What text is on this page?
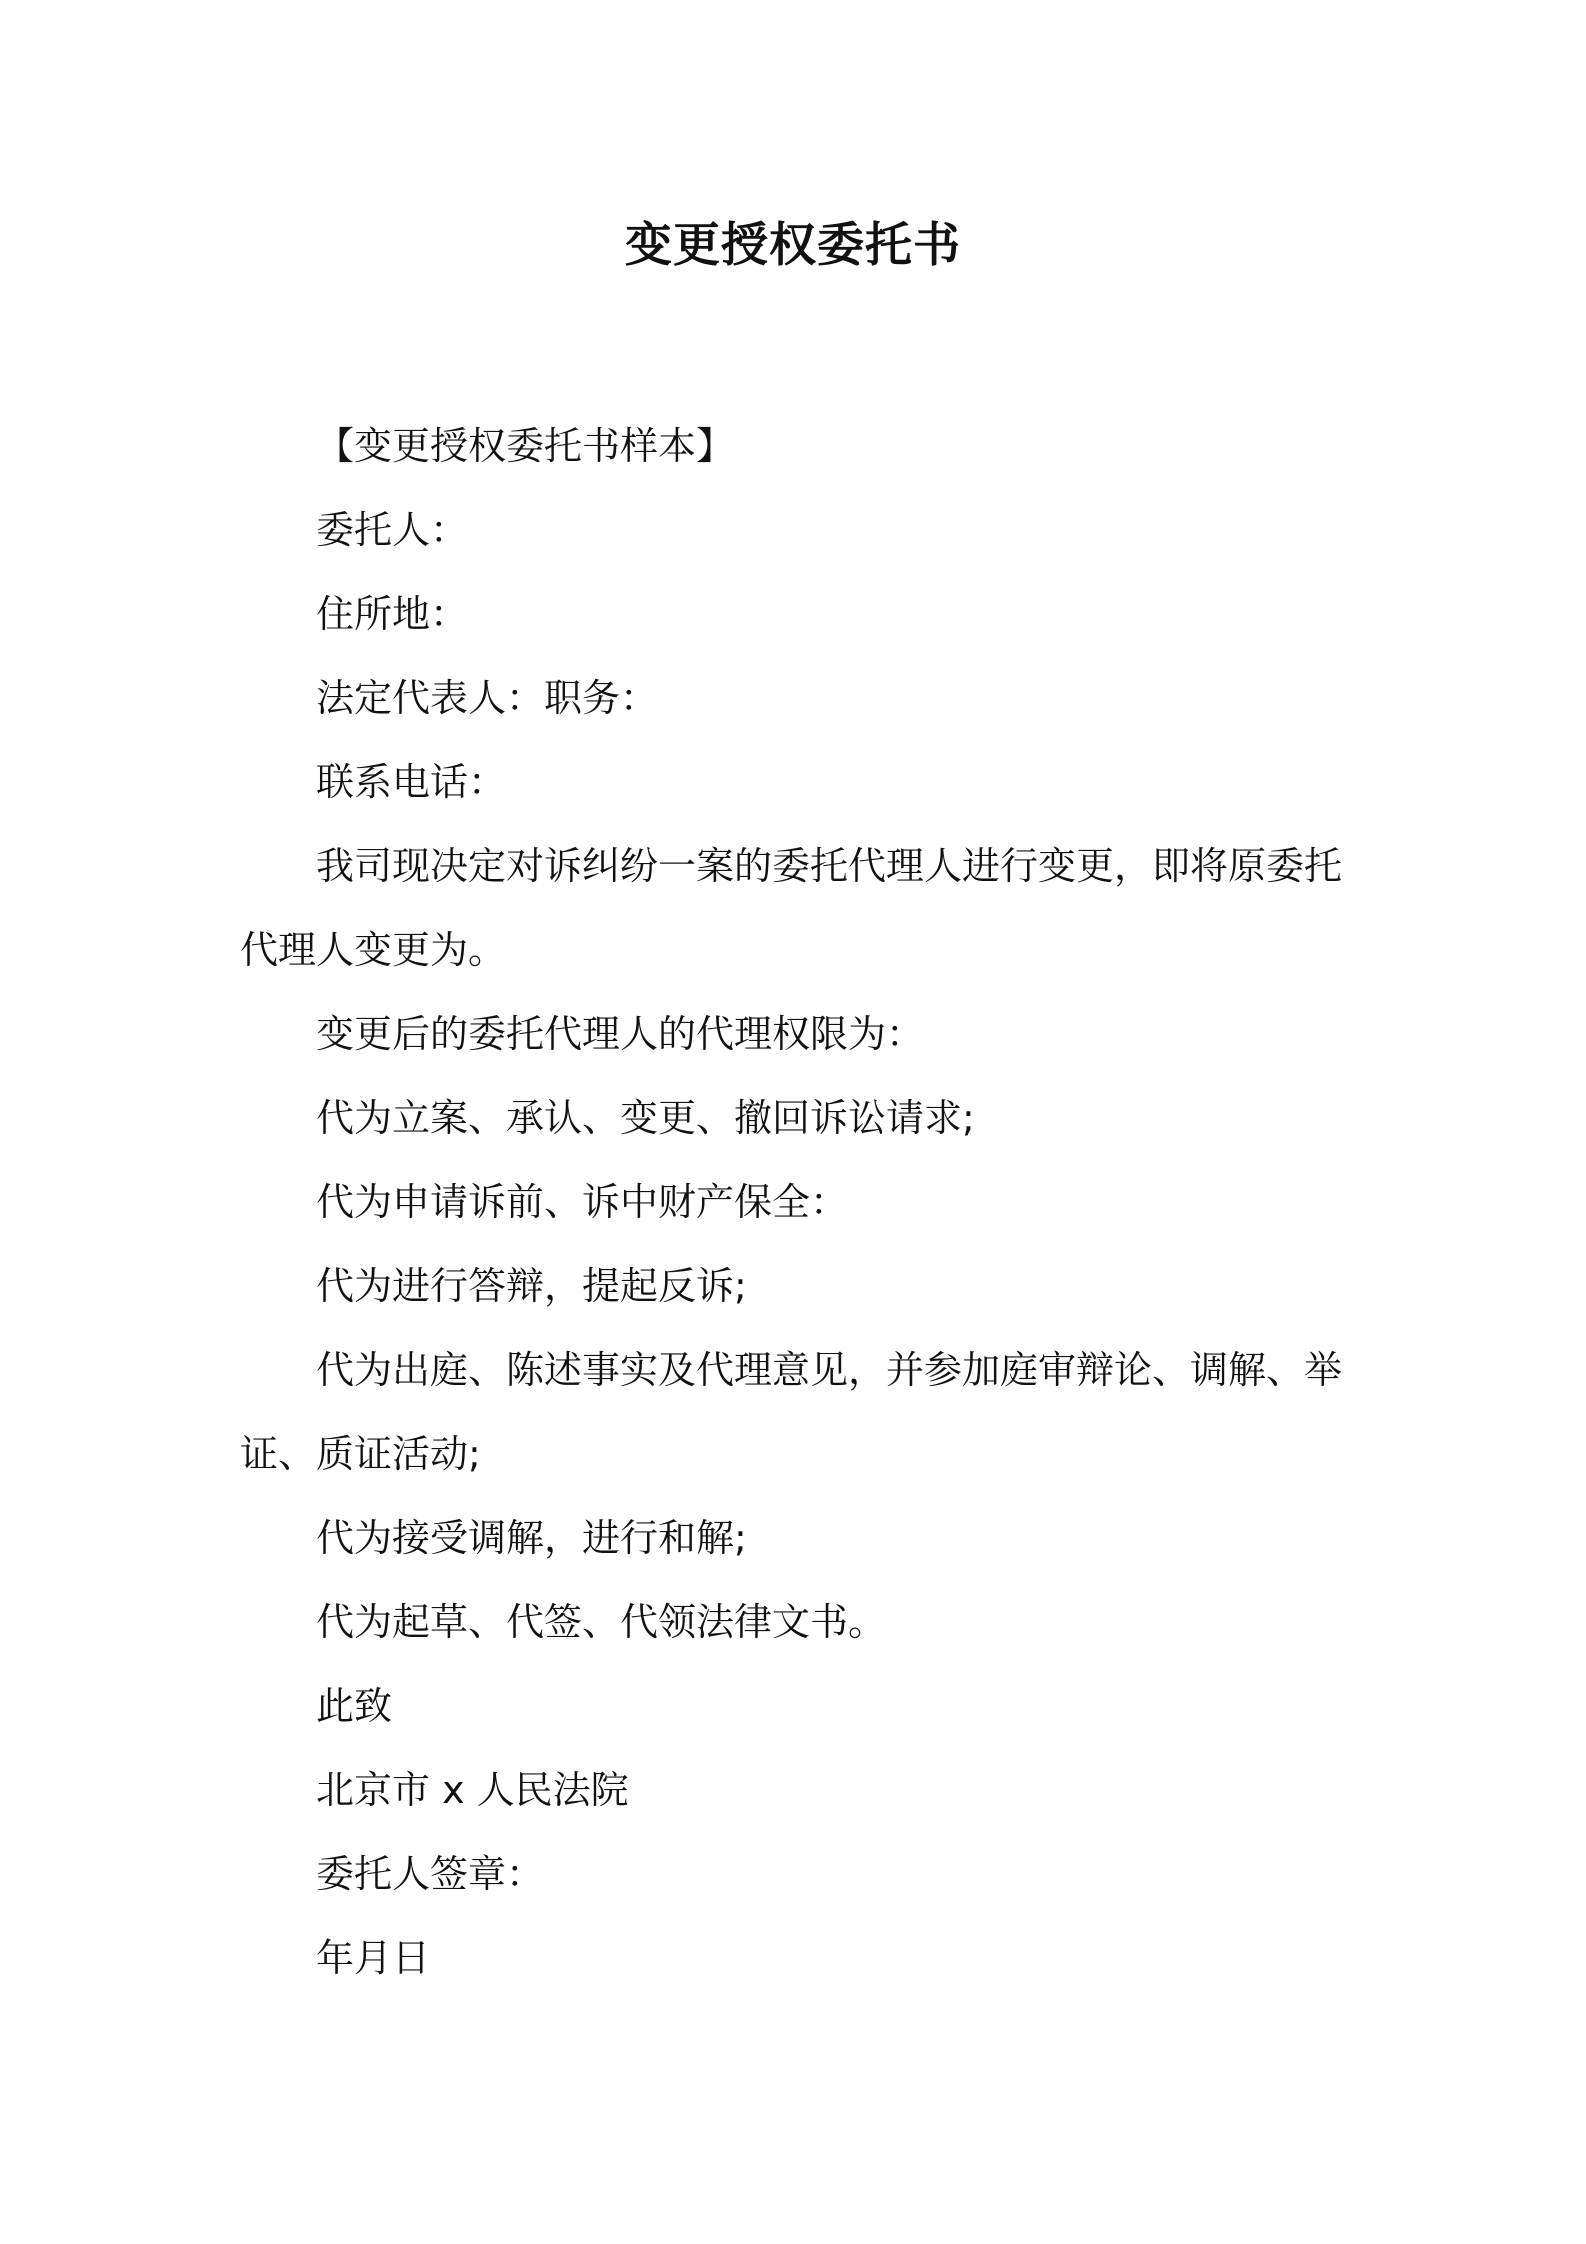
变更授权委托书

【变更授权委托书样本】

委托人：

住所地：

法定代表人：职务：

联系电话：

我司现决定对诉纠纷一案的委托代理人进行变更，即将原委托代理人变更为。

变更后的委托代理人的代理权限为：

代为立案、承认、变更、撤回诉讼请求;

代为申请诉前、诉中财产保全：

代为进行答辩，提起反诉;

代为出庭、陈述事实及代理意见，并参加庭审辩论、调解、举证、质证活动;

代为接受调解，进行和解;

代为起草、代签、代领法律文书。

此致

北京市 x 人民法院

委托人签章：

年月日
